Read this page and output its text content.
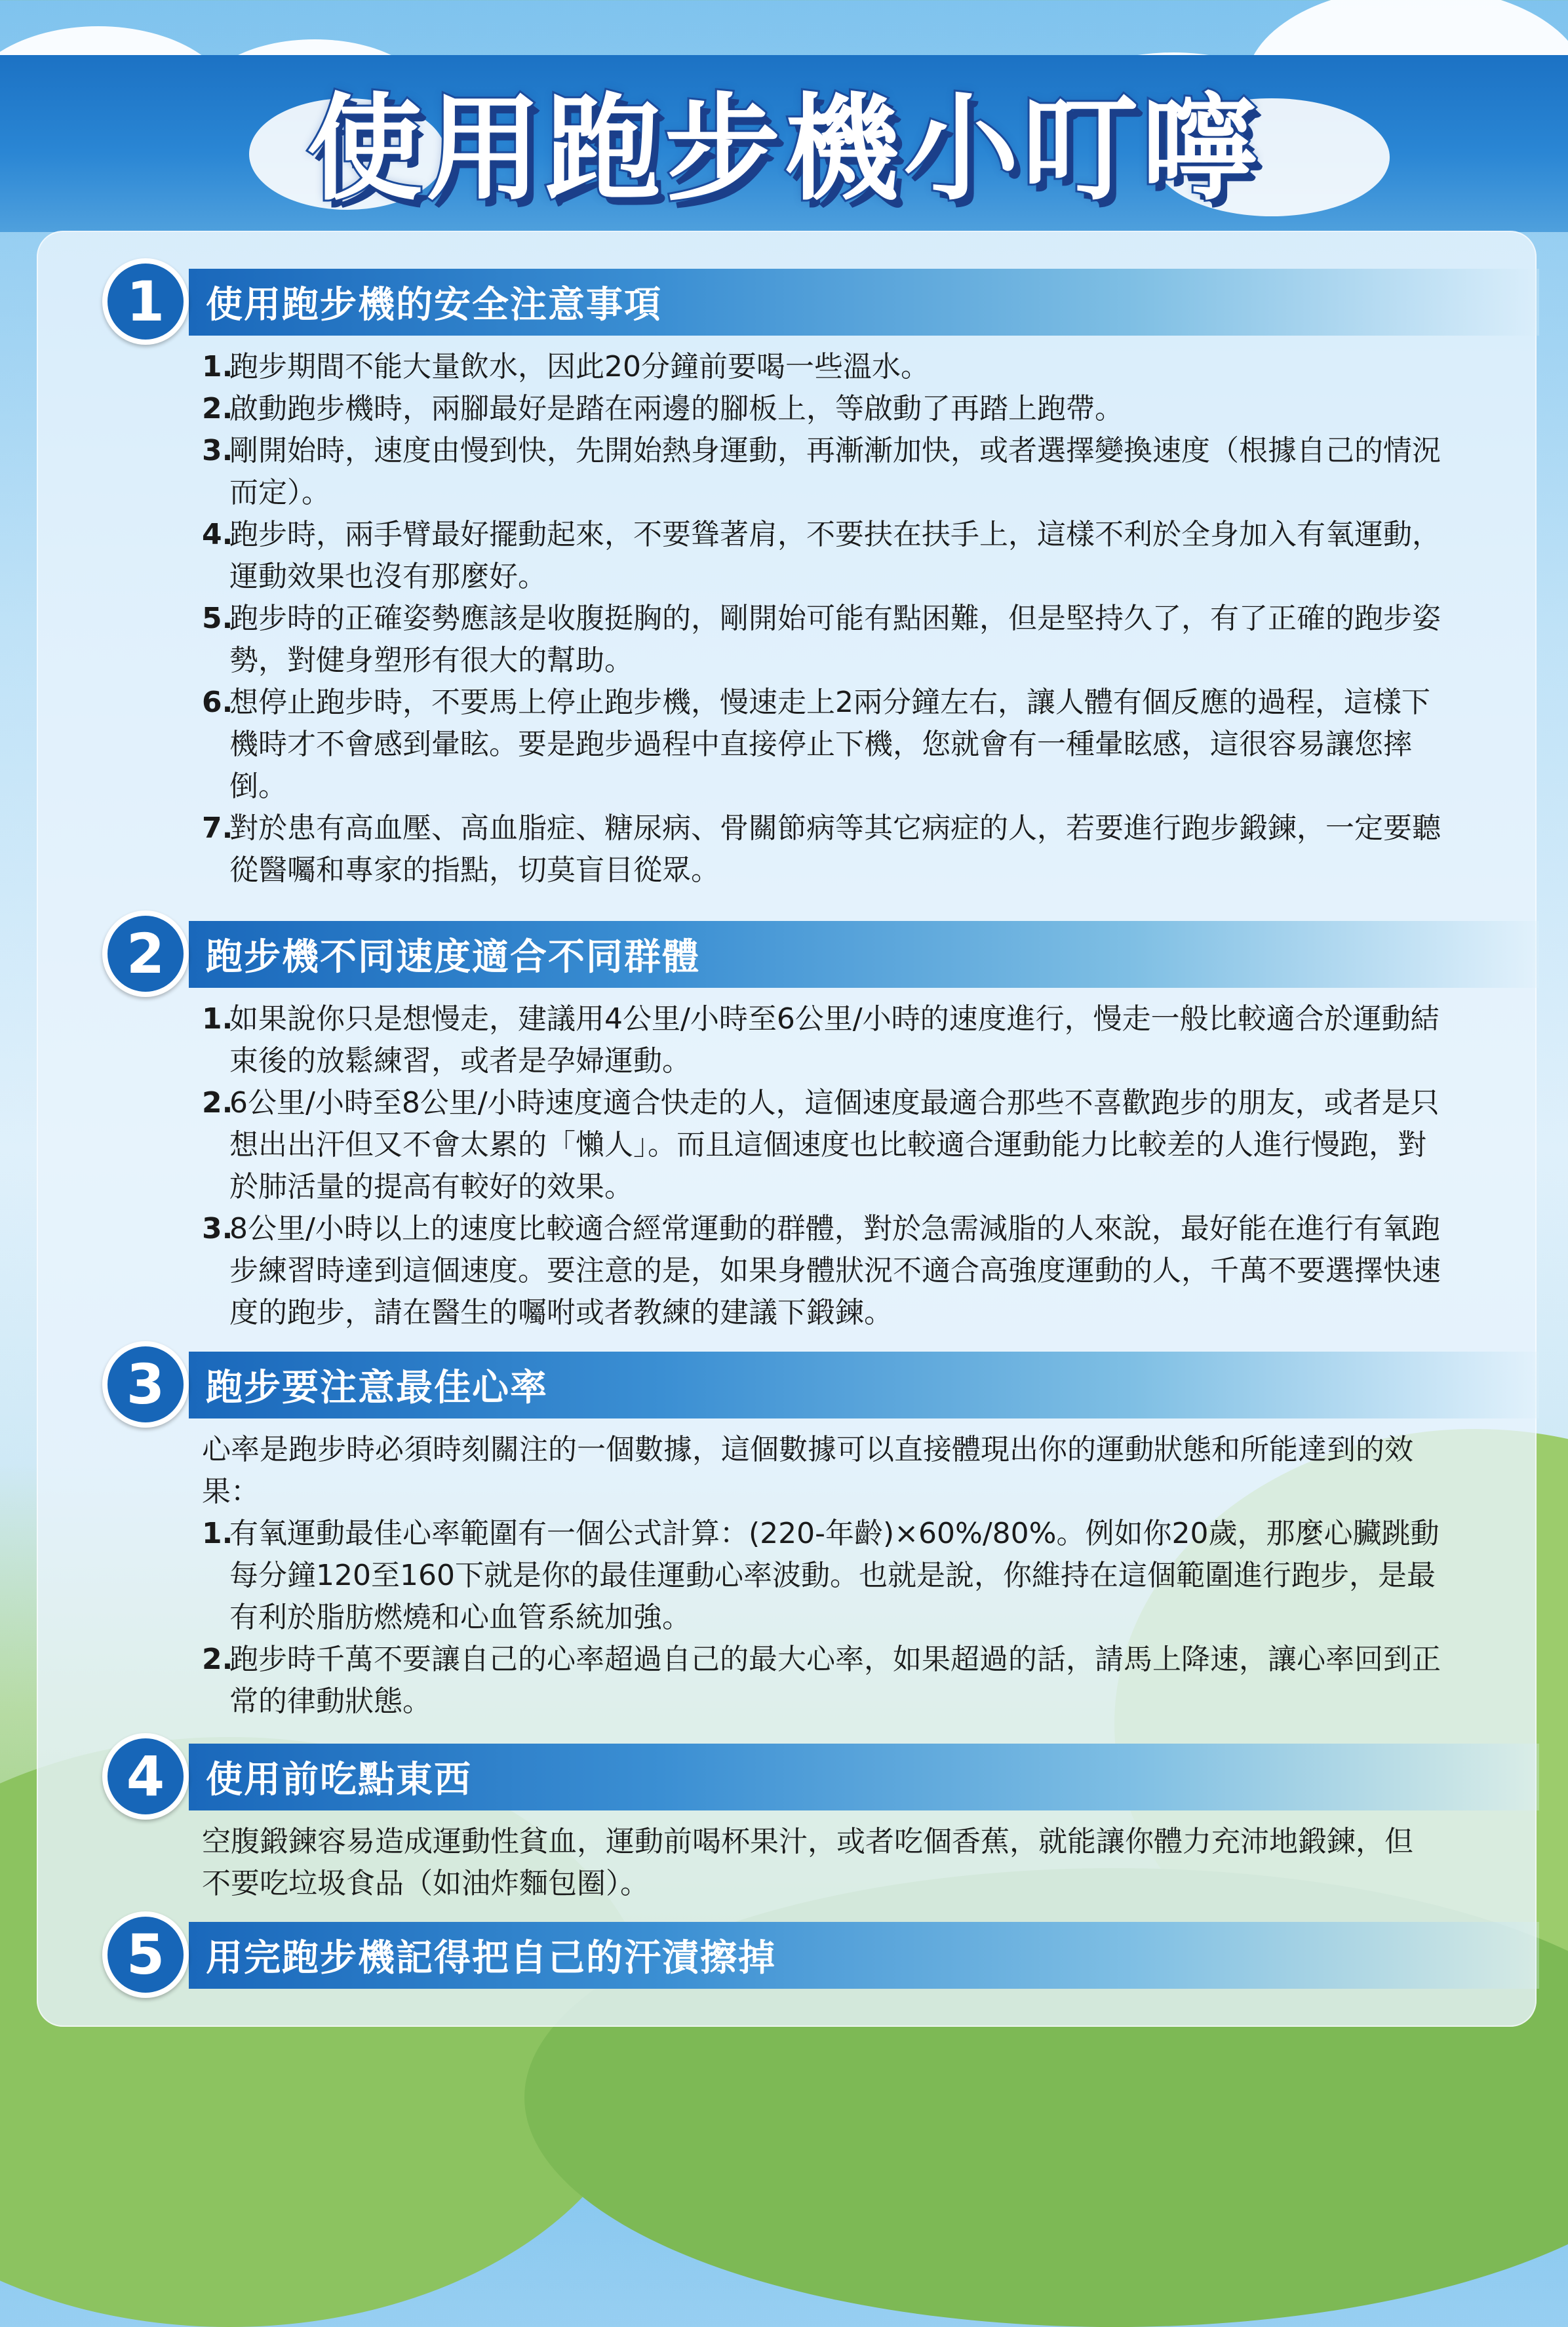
使用跑步機小叮嚀
使用跑步機的安全注意事項
1
1.
跑步期間不能大量飲水，因此20分鐘前要喝一些溫水。
2.
啟動跑步機時，兩腳最好是踏在兩邊的腳板上，等啟動了再踏上跑帶。
3.
剛開始時，速度由慢到快，先開始熱身運動，再漸漸加快，或者選擇變換速度（根據自己的情況而定）。
4.
跑步時，兩手臂最好擺動起來，不要聳著肩，不要扶在扶手上，這樣不利於全身加入有氧運動，運動效果也沒有那麼好。
5.
跑步時的正確姿勢應該是收腹挺胸的，剛開始可能有點困難，但是堅持久了，有了正確的跑步姿勢，對健身塑形有很大的幫助。
6.
想停止跑步時，不要馬上停止跑步機，慢速走上2兩分鐘左右，讓人體有個反應的過程，這樣下機時才不會感到暈眩。要是跑步過程中直接停止下機，您就會有一種暈眩感，這很容易讓您摔倒。
7.
對於患有高血壓、高血脂症、糖尿病、骨關節病等其它病症的人，若要進行跑步鍛鍊，一定要聽從醫囑和專家的指點，切莫盲目從眾。
跑步機不同速度適合不同群體
2
1.
如果說你只是想慢走，建議用4公里/小時至6公里/小時的速度進行，慢走一般比較適合於運動結束後的放鬆練習，或者是孕婦運動。
2.
6公里/小時至8公里/小時速度適合快走的人，這個速度最適合那些不喜歡跑步的朋友，或者是只想出出汗但又不會太累的「懶人」。而且這個速度也比較適合運動能力比較差的人進行慢跑，對於肺活量的提高有較好的效果。
3.
8公里/小時以上的速度比較適合經常運動的群體，對於急需減脂的人來說，最好能在進行有氧跑步練習時達到這個速度。要注意的是，如果身體狀況不適合高強度運動的人，千萬不要選擇快速度的跑步，請在醫生的囑咐或者教練的建議下鍛鍊。
跑步要注意最佳心率
3
心率是跑步時必須時刻關注的一個數據，這個數據可以直接體現出你的運動狀態和所能達到的效果：
1.
有氧運動最佳心率範圍有一個公式計算：(220-年齡)×60%/80%。例如你20歲，那麼心臟跳動每分鐘120至160下就是你的最佳運動心率波動。也就是說，你維持在這個範圍進行跑步，是最有利於脂肪燃燒和心血管系統加強。
2.
跑步時千萬不要讓自己的心率超過自己的最大心率，如果超過的話，請馬上降速，讓心率回到正常的律動狀態。
使用前吃點東西
4
空腹鍛鍊容易造成運動性貧血，運動前喝杯果汁，或者吃個香蕉，就能讓你體力充沛地鍛鍊，但不要吃垃圾食品（如油炸麵包圈）。
用完跑步機記得把自己的汗漬擦掉
5
